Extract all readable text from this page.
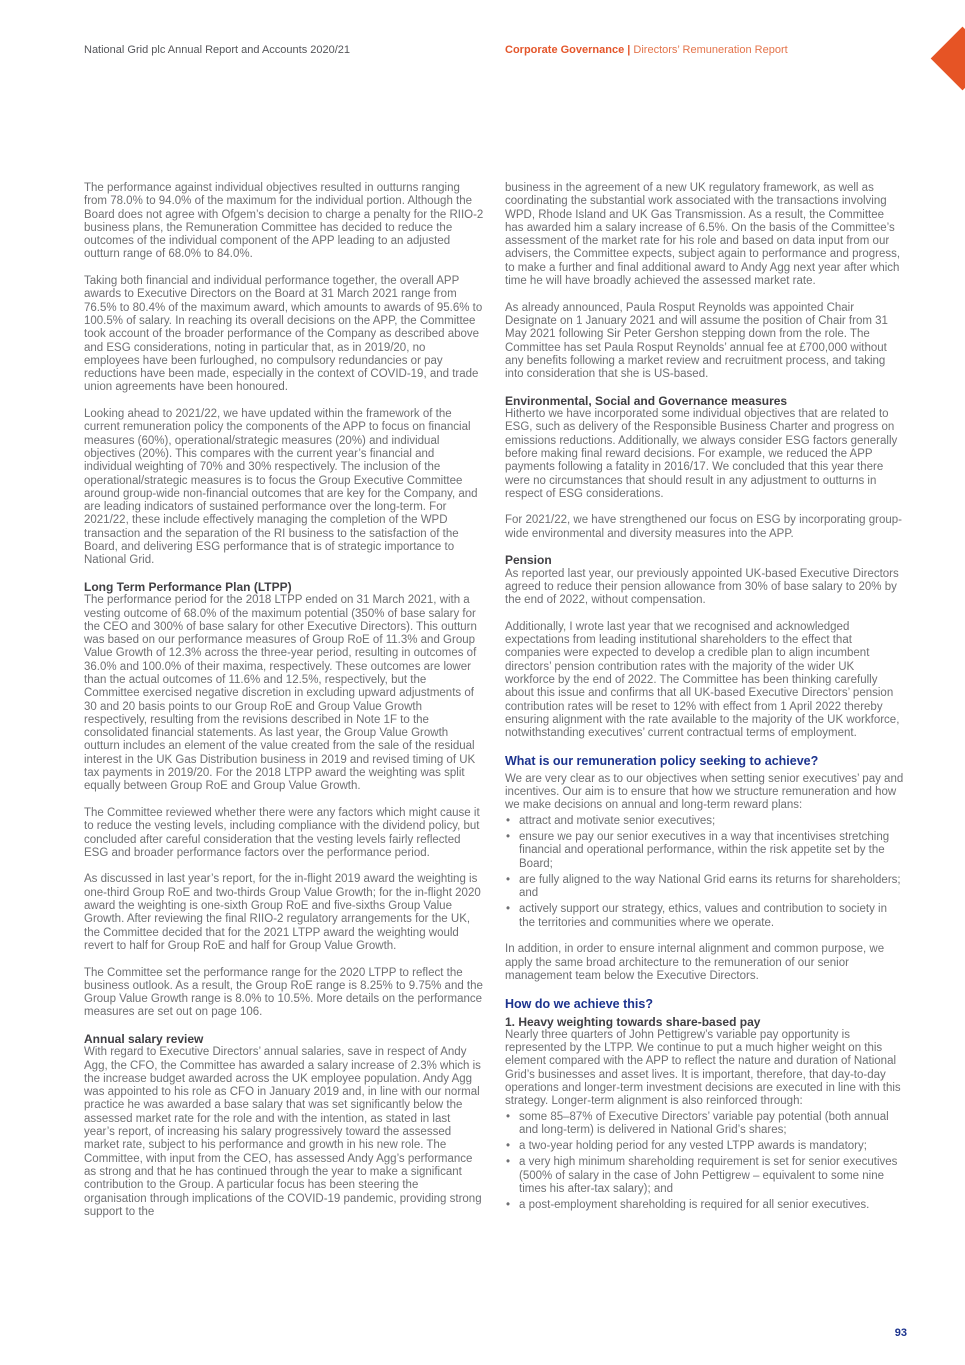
National Grid plc Annual Report and Accounts 2020/21	Corporate Governance | Directors’ Remuneration Report

The performance against individual objectives resulted in outturns ranging from 78.0% to 94.0% of the maximum for the individual portion. Although the Board does not agree with Ofgem’s decision to charge a penalty for the RIIO-2 business plans, the Remuneration Committee has decided to reduce the outcomes of the individual component of the APP leading to an adjusted outturn range of 68.0% to 84.0%.

Taking both financial and individual performance together, the overall APP awards to Executive Directors on the Board at 31 March 2021 range from 76.5% to 80.4% of the maximum award, which amounts to awards of 95.6% to 100.5% of salary. In reaching its overall decisions on the APP, the Committee took account of the broader performance of the Company as described above and ESG considerations, noting in particular that, as in 2019/20, no employees have been furloughed, no compulsory redundancies or pay reductions have been made, especially in the context of COVID-19, and trade union agreements have been honoured.

Looking ahead to 2021/22, we have updated within the framework of the current remuneration policy the components of the APP to focus on financial measures (60%), operational/strategic measures (20%) and individual objectives (20%). This compares with the current year’s financial and individual weighting of 70% and 30% respectively. The inclusion of the operational/strategic measures is to focus the Group Executive Committee around group-wide non-financial outcomes that are key for the Company, and are leading indicators of sustained performance over the long-term. For 2021/22, these include effectively managing the completion of the WPD transaction and the separation of the RI business to the satisfaction of the Board, and delivering ESG performance that is of strategic importance to National Grid.

Long Term Performance Plan (LTPP)

The performance period for the 2018 LTPP ended on 31 March 2021, with a vesting outcome of 68.0% of the maximum potential (350% of base salary for the CEO and 300% of base salary for other Executive Directors). This outturn was based on our performance measures of Group RoE of 11.3% and Group Value Growth of 12.3% across the three-year period, resulting in outcomes of 36.0% and 100.0% of their maxima, respectively. These outcomes are lower than the actual outcomes of 11.6% and 12.5%, respectively, but the Committee exercised negative discretion in excluding upward adjustments of 30 and 20 basis points to our Group RoE and Group Value Growth respectively, resulting from the revisions described in Note 1F to the consolidated financial statements. As last year, the Group Value Growth outturn includes an element of the value created from the sale of the residual interest in the UK Gas Distribution business in 2019 and revised timing of UK tax payments in 2019/20. For the 2018 LTPP award the weighting was split equally between Group RoE and Group Value Growth.

The Committee reviewed whether there were any factors which might cause it to reduce the vesting levels, including compliance with the dividend policy, but concluded after careful consideration that the vesting levels fairly reflected ESG and broader performance factors over the performance period.

As discussed in last year’s report, for the in-flight 2019 award the weighting is one-third Group RoE and two-thirds Group Value Growth; for the in-flight 2020 award the weighting is one-sixth Group RoE and five-sixths Group Value Growth. After reviewing the final RIIO-2 regulatory arrangements for the UK, the Committee decided that for the 2021 LTPP award the weighting would revert to half for Group RoE and half for Group Value Growth.

The Committee set the performance range for the 2020 LTPP to reflect the business outlook. As a result, the Group RoE range is 8.25% to 9.75% and the Group Value Growth range is 8.0% to 10.5%. More details on the performance measures are set out on page 106.

Annual salary review

With regard to Executive Directors’ annual salaries, save in respect of Andy Agg, the CFO, the Committee has awarded a salary increase of 2.3% which is the increase budget awarded across the UK employee population. Andy Agg was appointed to his role as CFO in January 2019 and, in line with our normal practice he was awarded a base salary that was set significantly below the assessed market rate for the role and with the intention, as stated in last year’s report, of increasing his salary progressively toward the assessed market rate, subject to his performance and growth in his new role. The Committee, with input from the CEO, has assessed Andy Agg’s performance as strong and that he has continued through the year to make a significant contribution to the Group. A particular focus has been steering the organisation through implications of the COVID-19 pandemic, providing strong support to the

business in the agreement of a new UK regulatory framework, as well as coordinating the substantial work associated with the transactions involving WPD, Rhode Island and UK Gas Transmission. As a result, the Committee has awarded him a salary increase of 6.5%. On the basis of the Committee’s assessment of the market rate for his role and based on data input from our advisers, the Committee expects, subject again to performance and progress, to make a further and final additional award to Andy Agg next year after which time he will have broadly achieved the assessed market rate.

As already announced, Paula Rosput Reynolds was appointed Chair Designate on 1 January 2021 and will assume the position of Chair from 31 May 2021 following Sir Peter Gershon stepping down from the role. The Committee has set Paula Rosput Reynolds’ annual fee at £700,000 without any benefits following a market review and recruitment process, and taking into consideration that she is US-based.

Environmental, Social and Governance measures

Hitherto we have incorporated some individual objectives that are related to ESG, such as delivery of the Responsible Business Charter and progress on emissions reductions. Additionally, we always consider ESG factors generally before making final reward decisions. For example, we reduced the APP payments following a fatality in 2016/17. We concluded that this year there were no circumstances that should result in any adjustment to outturns in respect of ESG considerations.

For 2021/22, we have strengthened our focus on ESG by incorporating group-wide environmental and diversity measures into the APP.

Pension

As reported last year, our previously appointed UK-based Executive Directors agreed to reduce their pension allowance from 30% of base salary to 20% by the end of 2022, without compensation.

Additionally, I wrote last year that we recognised and acknowledged expectations from leading institutional shareholders to the effect that companies were expected to develop a credible plan to align incumbent directors’ pension contribution rates with the majority of the wider UK workforce by the end of 2022. The Committee has been thinking carefully about this issue and confirms that all UK-based Executive Directors’ pension contribution rates will be reset to 12% with effect from 1 April 2022 thereby ensuring alignment with the rate available to the majority of the UK workforce, notwithstanding executives’ current contractual terms of employment.

What is our remuneration policy seeking to achieve?

We are very clear as to our objectives when setting senior executives’ pay and incentives. Our aim is to ensure that how we structure remuneration and how we make decisions on annual and long-term reward plans:

• attract and motivate senior executives;
• ensure we pay our senior executives in a way that incentivises stretching financial and operational performance, within the risk appetite set by the Board;
• are fully aligned to the way National Grid earns its returns for shareholders; and
• actively support our strategy, ethics, values and contribution to society in the territories and communities where we operate.

In addition, in order to ensure internal alignment and common purpose, we apply the same broad architecture to the remuneration of our senior management team below the Executive Directors.

How do we achieve this?
1. Heavy weighting towards share-based pay

Nearly three quarters of John Pettigrew’s variable pay opportunity is represented by the LTPP. We continue to put a much higher weight on this element compared with the APP to reflect the nature and duration of National Grid’s businesses and asset lives. It is important, therefore, that day-to-day operations and longer-term investment decisions are executed in line with this strategy. Longer-term alignment is also reinforced through:

• some 85–87% of Executive Directors’ variable pay potential (both annual and long-term) is delivered in National Grid’s shares;
• a two-year holding period for any vested LTPP awards is mandatory;
• a very high minimum shareholding requirement is set for senior executives (500% of salary in the case of John Pettigrew – equivalent to some nine times his after-tax salary); and
• a post-employment shareholding is required for all senior executives.
93
